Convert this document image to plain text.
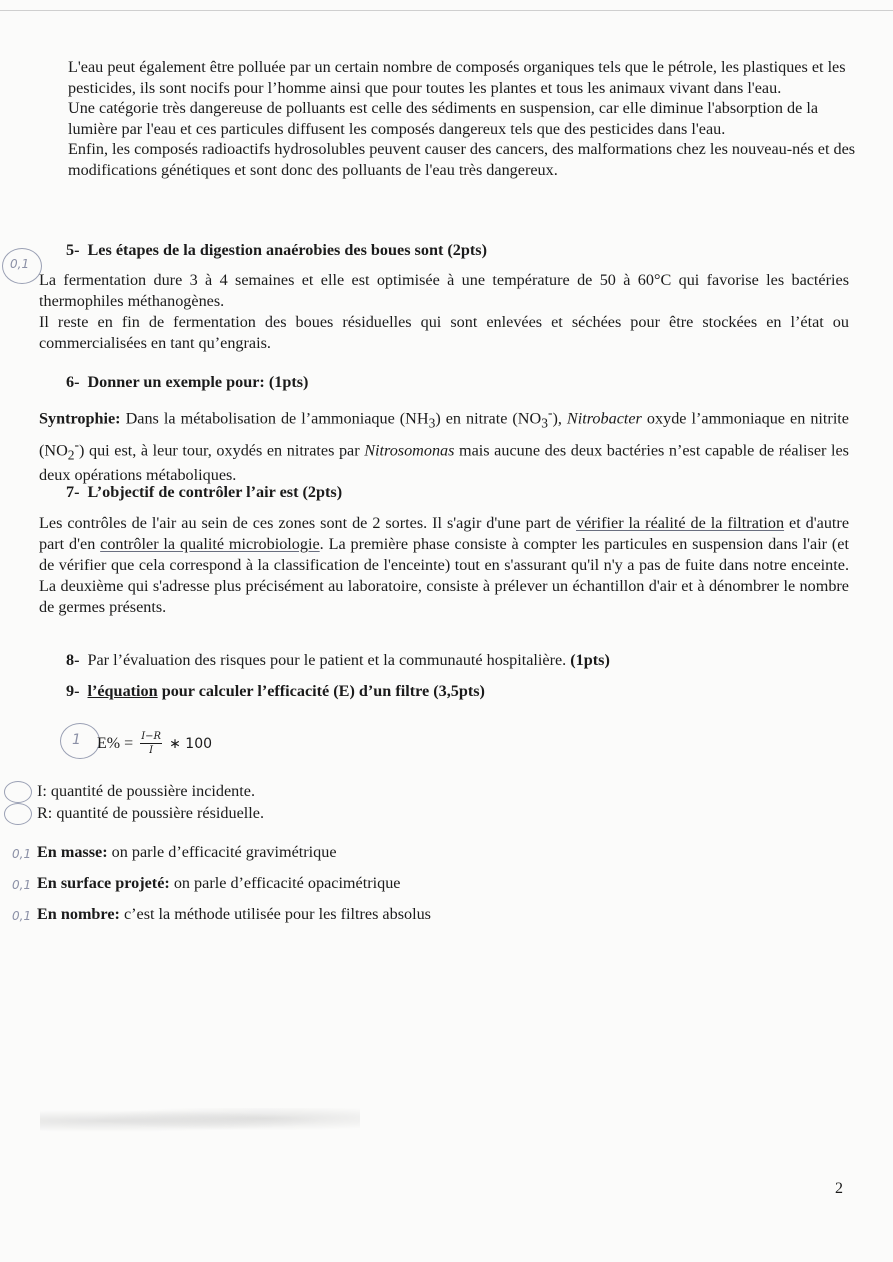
L'eau peut également être polluée par un certain nombre de composés organiques tels que le pétrole, les plastiques et les pesticides, ils sont nocifs pour l’homme ainsi que pour toutes les plantes et tous les animaux vivant dans l'eau.

Une catégorie très dangereuse de polluants est celle des sédiments en suspension, car elle diminue l'absorption de la lumière par l'eau et ces particules diffusent les composés dangereux tels que des pesticides dans l'eau.

Enfin, les composés radioactifs hydrosolubles peuvent causer des cancers, des malformations chez les nouveau-nés et des modifications génétiques et sont donc des polluants de l'eau très dangereux.

5- Les étapes de la digestion anaérobies des boues sont (2pts)
0,1
La fermentation dure 3 à 4 semaines et elle est optimisée à une température de 50 à 60°C qui favorise les bactéries thermophiles méthanogènes.
Il reste en fin de fermentation des boues résiduelles qui sont enlevées et séchées pour être stockées en l’état ou commercialisées en tant qu’engrais.
6- Donner un exemple pour: (1pts)
Syntrophie: Dans la métabolisation de l’ammoniaque $(NH_3)$ en nitrate $(NO_3^-)$, Nitrobacter oxyde l’ammoniaque en nitrite $(NO_2^-)$ qui est, à leur tour, oxydés en nitrates par Nitrosomonas mais aucune des deux bactéries n’est capable de réaliser les deux opérations métaboliques.
7- L’objectif de contrôler l’air est (2pts)
Les contrôles de l'air au sein de ces zones sont de 2 sortes. Il s'agir d'une part de vérifier la réalité de la filtration et d'autre part d'en contrôler la qualité microbiologie. La première phase consiste à compter les particules en suspension dans l'air (et de vérifier que cela correspond à la classification de l'enceinte) tout en s'assurant qu'il n'y a pas de fuite dans notre enceinte. La deuxième qui s'adresse plus précisément au laboratoire, consiste à prélever un échantillon d'air et à dénombrer le nombre de germes présents.
8- Par l’évaluation des risques pour le patient et la communauté hospitalière. (1pts)
9- l’équation pour calculer l’efficacité (E) d’un filtre (3,5pts)
1 $E\% = \frac{I-R}{I}$ ∗ 100
I: quantité de poussière incidente.
R: quantité de poussière résiduelle.
0,1 En masse: on parle d’efficacité gravimétrique
0,1 En surface projeté: on parle d’efficacité opacimétrique
0,1 En nombre: c’est la méthode utilisée pour les filtres absolus
2
